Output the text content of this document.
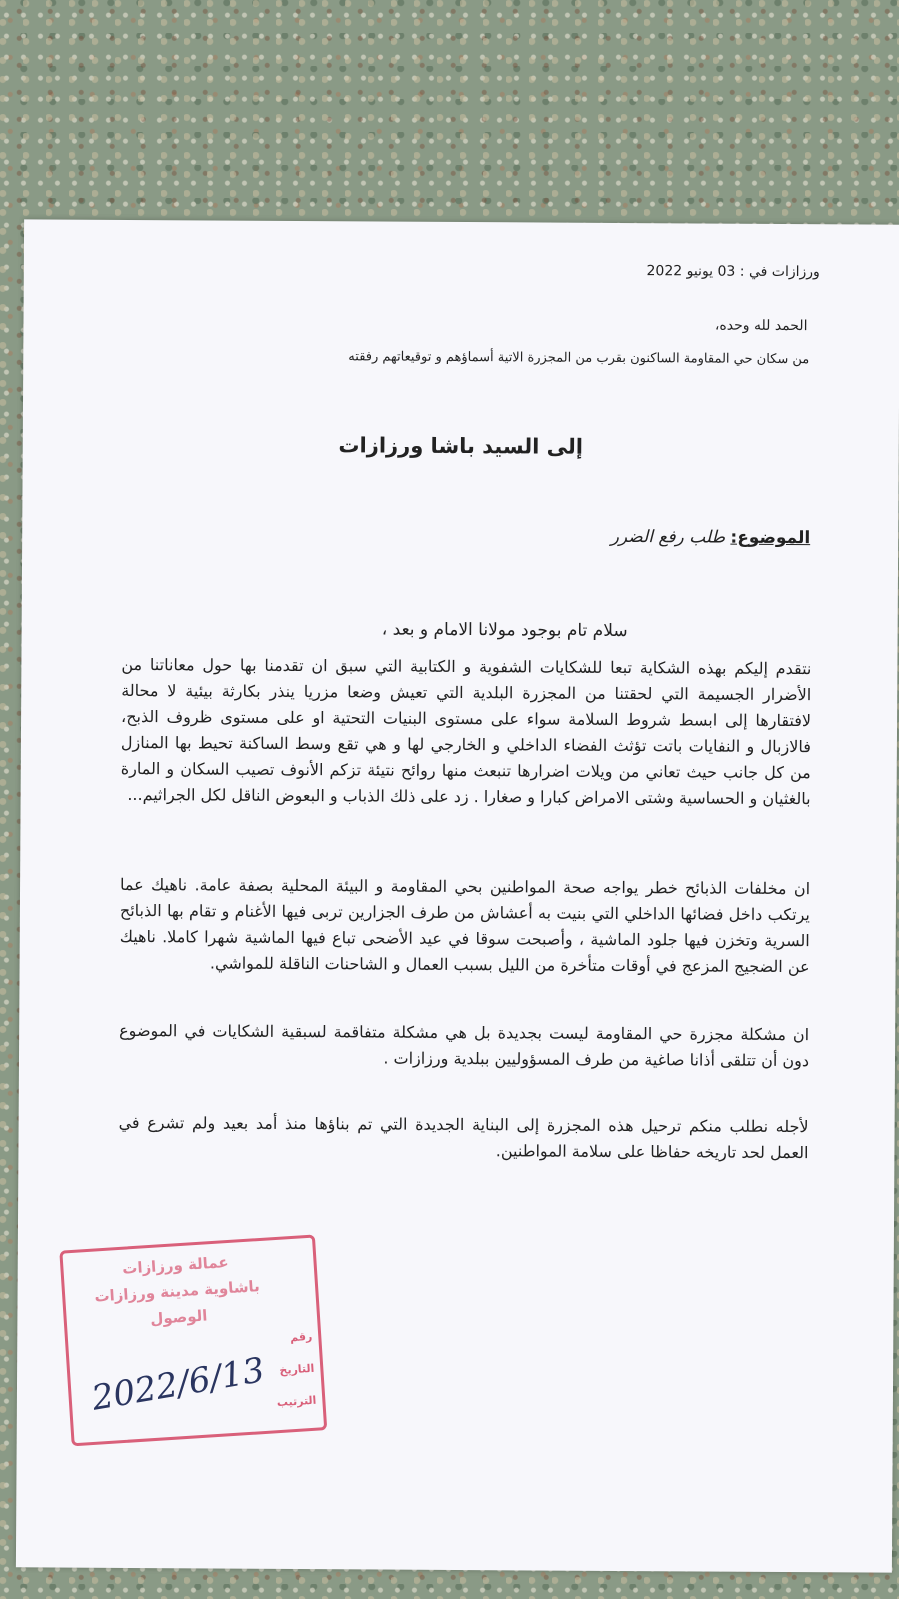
ورزازات في : 03 يونيو 2022
الحمد لله وحده،
من سكان حي المقاومة الساكنون بقرب من المجزرة الاتية أسماؤهم و توقيعاتهم رفقته
إلى السيد باشا ورزازات
الموضوع: طلب رفع الضرر
سلام تام بوجود مولانا الامام و بعد ،
نتقدم إليكم بهذه الشكاية تبعا للشكايات الشفوية و الكتابية التي سبق ان تقدمنا بها حول معاناتنا من الأضرار الجسيمة التي لحقتنا من المجزرة البلدية التي تعيش وضعا مزريا ينذر بكارثة بيئية لا محالة لافتقارها إلى ابسط شروط السلامة سواء على مستوى البنيات التحتية او على مستوى ظروف الذبح، فالازبال و النفايات باتت تؤثث الفضاء الداخلي و الخارجي لها و هي تقع وسط الساكنة تحيط بها المنازل من كل جانب حيث تعاني من ويلات اضرارها تنبعث منها روائح نتيئة تزكم الأنوف تصيب السكان و المارة بالغثيان و الحساسية وشتى الامراض كبارا و صغارا . زد على ذلك الذباب و البعوض الناقل لكل الجراثيم...
ان مخلفات الذبائح خطر يواجه صحة المواطنين بحي المقاومة و البيئة المحلية بصفة عامة. ناهيك عما يرتكب داخل فضائها الداخلي التي بنيت به أعشاش من طرف الجزارين تربى فيها الأغنام و تقام بها الذبائح السرية وتخزن فيها جلود الماشية ، وأصبحت سوقا في عيد الأضحى تباع فيها الماشية شهرا كاملا. ناهيك عن الضجيج المزعج في أوقات متأخرة من الليل بسبب العمال و الشاحنات الناقلة للمواشي.
ان مشكلة مجزرة حي المقاومة ليست بجديدة بل هي مشكلة متفاقمة لسبقية الشكايات في الموضوع دون أن تتلقى أذانا صاغية من طرف المسؤوليين ببلدية ورزازات .
لأجله نطلب منكم ترحيل هذه المجزرة إلى البناية الجديدة التي تم بناؤها منذ أمد بعيد ولم تشرع في العمل لحد تاريخه حفاظا على سلامة المواطنين.
عمالة ورزازات
باشاوية مدينة ورزازات
الوصول
رقم
التاريخ
الترتيب
2022/6/13
